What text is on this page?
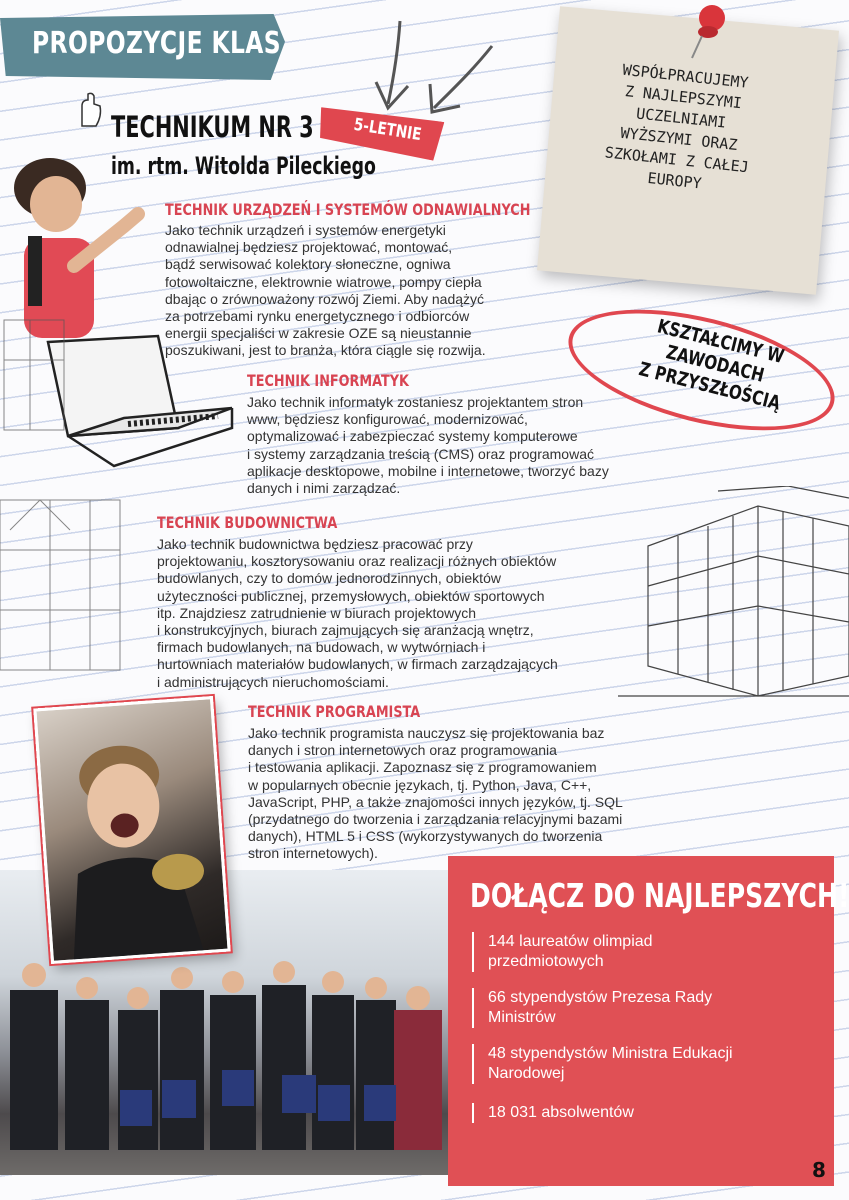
PROPOZYCJE KLAS
TECHNIKUM NR 3
im. rtm. Witolda Pileckiego
5-LETNIE
WSPÓŁPRACUJEMY
Z NAJLEPSZYMI
UCZELNIAMI
WYŻSZYMI ORAZ
SZKOŁAMI Z CAŁEJ
EUROPY
KSZTAŁCIMY W ZAWODACH
Z PRZYSZŁOŚCIĄ
TECHNIK URZĄDZEŃ I SYSTEMÓW ODNAWIALNYCH
Jako technik urządzeń i systemów energetyki
odnawialnej będziesz projektować, montować,
bądź serwisować kolektory słoneczne, ogniwa
fotowoltaiczne, elektrownie wiatrowe, pompy ciepła
dbając o zrównoważony rozwój Ziemi. Aby nadążyć
za potrzebami rynku energetycznego i odbiorców
energii specjaliści w zakresie OZE są nieustannie
poszukiwani, jest to branża, która ciągle się rozwija.
TECHNIK INFORMATYK
Jako technik informatyk zostaniesz projektantem stron
www, będziesz konfigurować, modernizować,
optymalizować i zabezpieczać systemy komputerowe
i systemy zarządzania treścią (CMS) oraz programować
aplikacje desktopowe, mobilne i internetowe, tworzyć bazy
danych i nimi zarządzać.
TECHNIK BUDOWNICTWA
Jako technik budownictwa będziesz pracować przy
projektowaniu, kosztorysowaniu oraz realizacji różnych obiektów
budowlanych, czy to domów jednorodzinnych, obiektów
użyteczności publicznej, przemysłowych, obiektów sportowych
itp. Znajdziesz zatrudnienie w biurach projektowych
i konstrukcyjnych, biurach zajmujących się aranżacją wnętrz,
firmach budowlanych, na budowach, w wytwórniach i
hurtowniach materiałów budowlanych, w firmach zarządzających
i administrujących nieruchomościami.
TECHNIK PROGRAMISTA
Jako technik programista nauczysz się projektowania baz
danych i stron internetowych oraz programowania
i testowania aplikacji. Zapoznasz się z programowaniem
w popularnych obecnie językach, tj. Python, Java, C++,
JavaScript, PHP, a także znajomości innych języków, tj. SQL
(przydatnego do tworzenia i zarządzania relacyjnymi bazami
danych), HTML 5 i CSS (wykorzystywanych do tworzenia
stron internetowych).
DOŁĄCZ DO NAJLEPSZYCH!
144 laureatów olimpiad
przedmiotowych
66 stypendystów Prezesa Rady
Ministrów
48 stypendystów Ministra Edukacji
Narodowej
18 031 absolwentów
8
